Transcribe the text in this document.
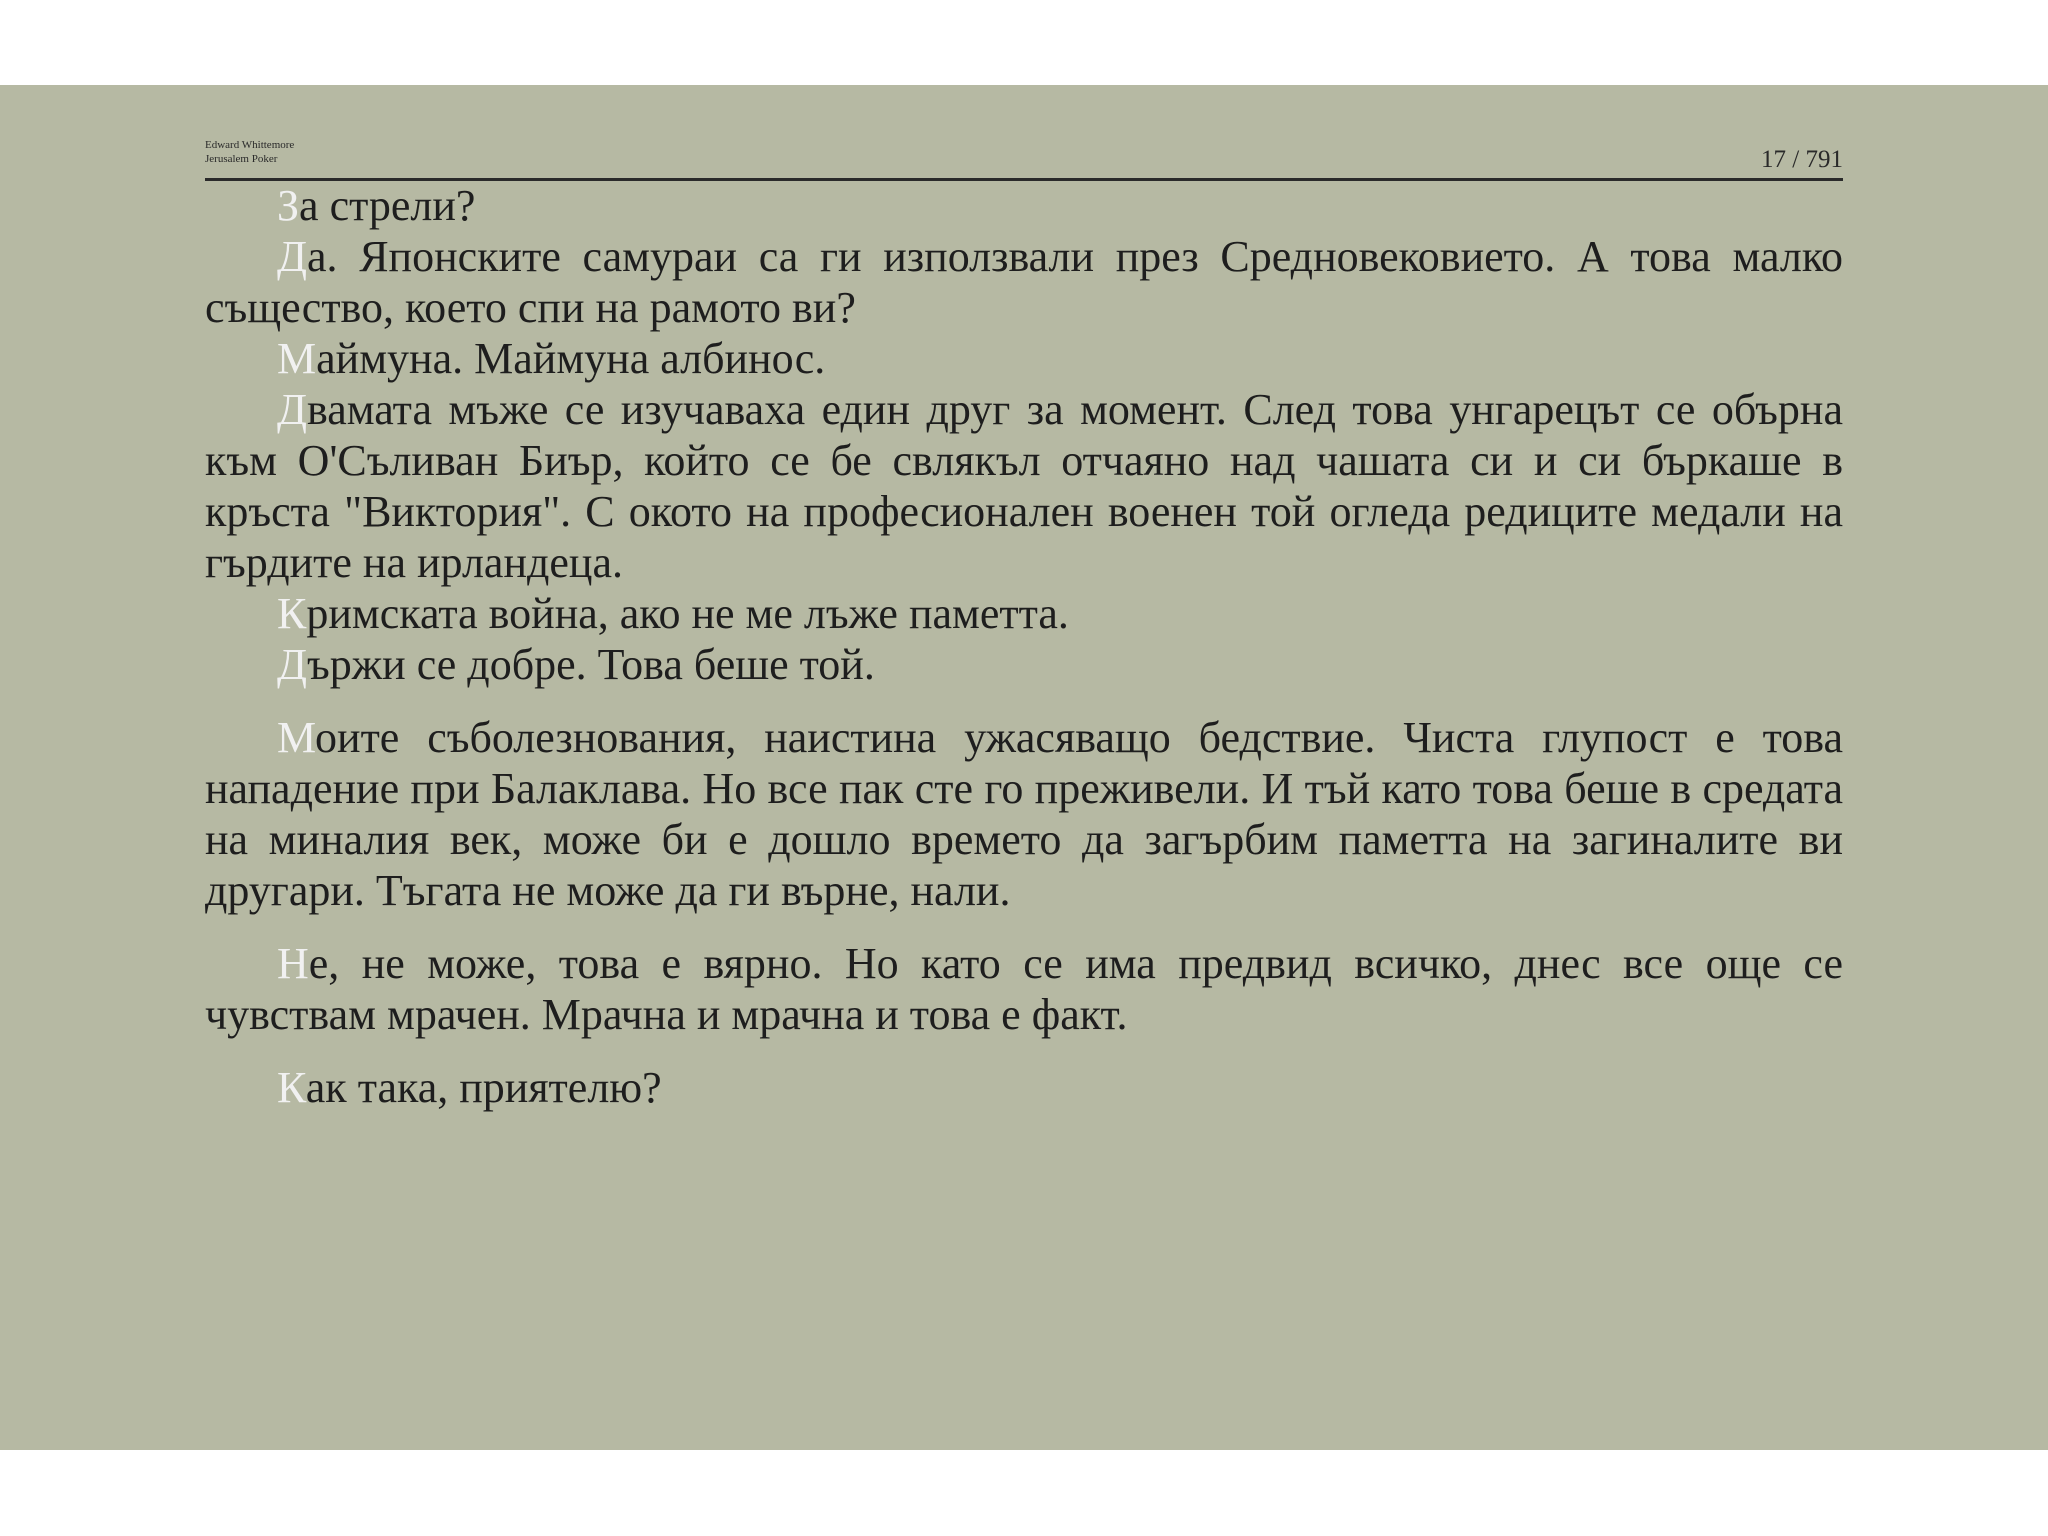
Edward Whittemore
Jerusalem Poker	17 / 791

За стрели?

Да. Японските самураи са ги използвали през Средновековието. А това малко същество, което спи на рамото ви?

Маймуна. Маймуна албинос.

Двамата мъже се изучаваха един друг за момент. След това унгарецът се обърна към О'Съливан Биър, който се бе свлякъл отчаяно над чашата си и си бъркаше в кръста "Виктория". С окото на професионален военен той огледа редиците медали на гърдите на ирландеца.

Кримската война, ако не ме лъже паметта.

Държи се добре. Това беше той.

Моите съболезнования, наистина ужасяващо бедствие. Чиста глупост е това нападение при Балаклава. Но все пак сте го преживели. И тъй като това беше в средата на миналия век, може би е дошло времето да загърбим паметта на загиналите ви другари. Тъгата не може да ги върне, нали.

Не, не може, това е вярно. Но като се има предвид всичко, днес все още се чувствам мрачен. Мрачна и мрачна и това е факт.

Как така, приятелю?
